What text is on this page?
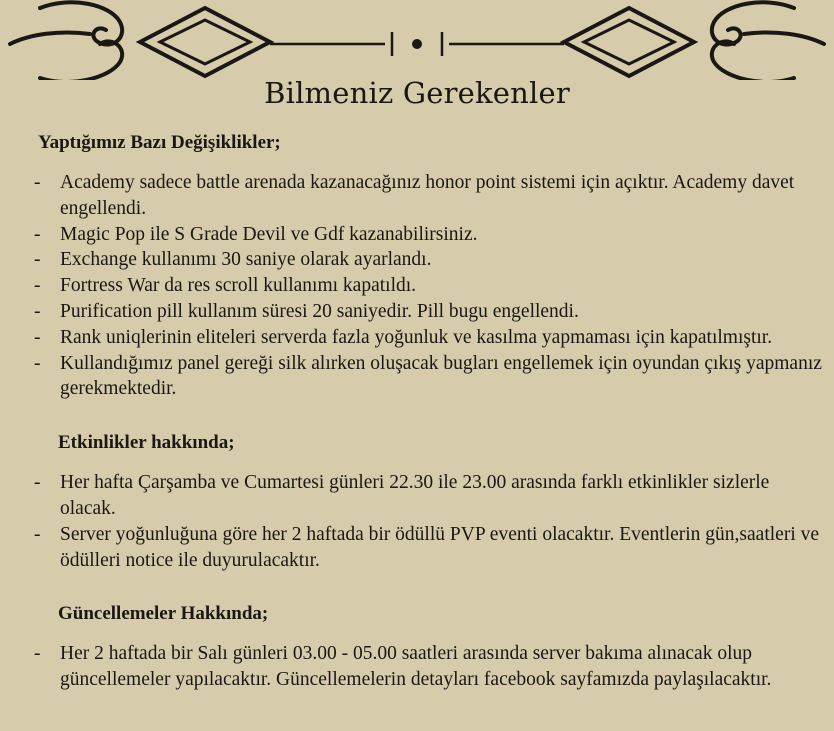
Bilmeniz Gerekenler
Yaptığımız Bazı Değişiklikler;
- Academy sadece battle arenada kazanacağınız honor point sistemi için açıktır. Academy davet engellendi.
- Magic Pop ile S Grade Devil ve Gdf kazanabilirsiniz.
- Exchange kullanımı 30 saniye olarak ayarlandı.
- Fortress War da res scroll kullanımı kapatıldı.
- Purification pill kullanım süresi 20 saniyedir. Pill bugu engellendi.
- Rank uniqlerinin eliteleri serverda fazla yoğunluk ve kasılma yapmaması için kapatılmıştır.
- Kullandığımız panel gereği silk alırken oluşacak bugları engellemek için oyundan çıkış yapmanız gerekmektedir.
Etkinlikler hakkında;
- Her hafta Çarşamba ve Cumartesi günleri 22.30 ile 23.00 arasında farklı etkinlikler sizlerle olacak.
- Server yoğunluğuna göre her 2 haftada bir ödüllü PVP eventi olacaktır. Eventlerin gün,saatleri ve ödülleri notice ile duyurulacaktır.
Güncellemeler Hakkında;
- Her 2 haftada bir Salı günleri 03.00 - 05.00 saatleri arasında server bakıma alınacak olup güncellemeler yapılacaktır. Güncellemelerin detayları facebook sayfamızda paylaşılacaktır.
